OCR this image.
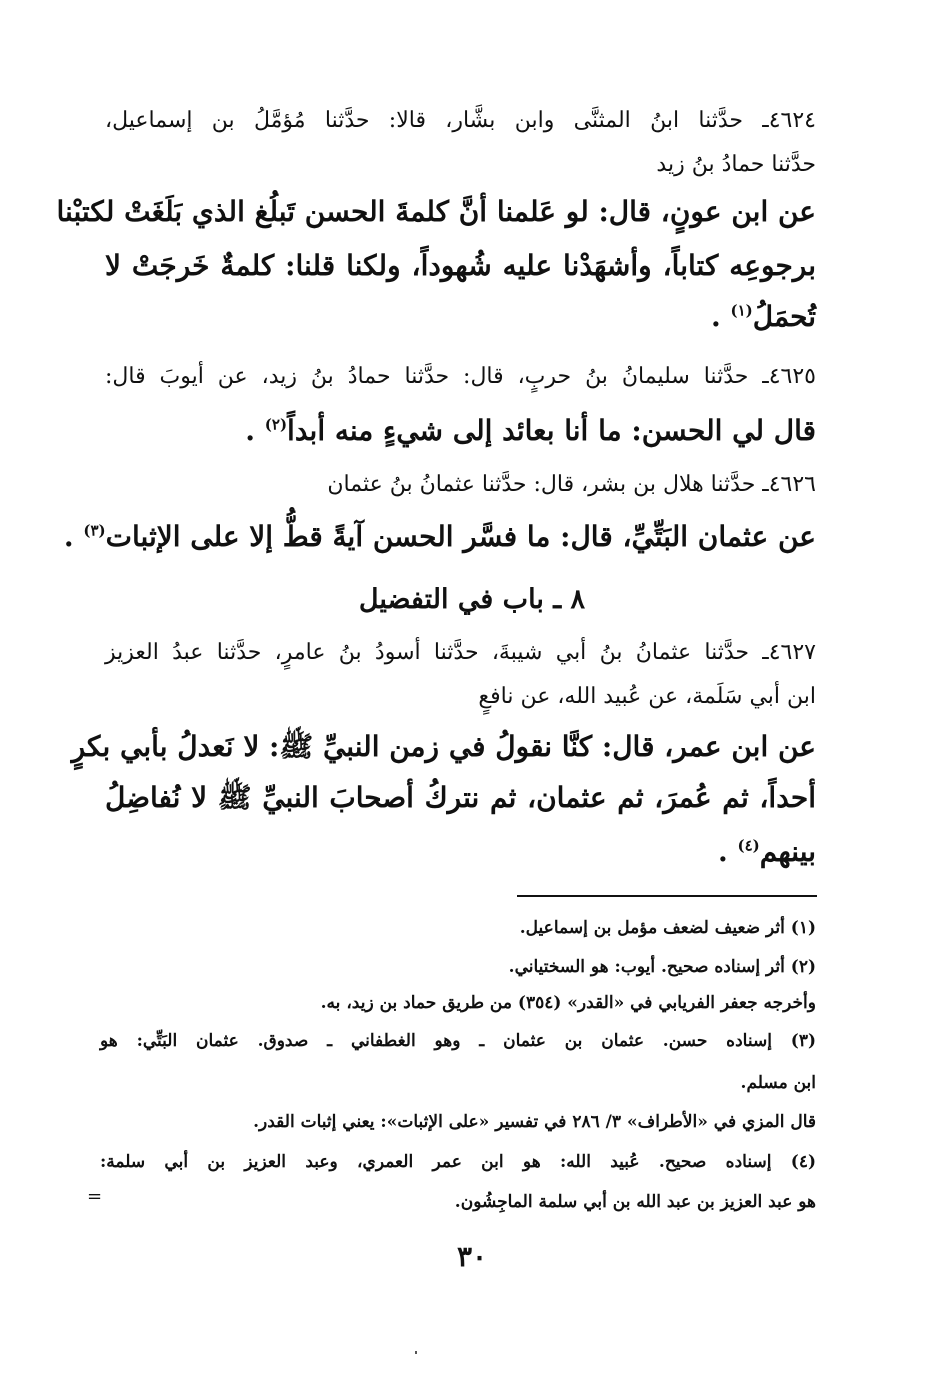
٤٦٢٤ـ حدَّثنا ابنُ المثنَّى وابن بشَّار، قالا: حدَّثنا مُؤمَّلُ بن إسماعيل،
حدَّثنا حمادُ بنُ زيد
عن ابن عونٍ، قال: لو عَلمنا أنَّ كلمةَ الحسن تَبلُغ الذي بَلَغَتْ لكتبْنا
برجوعِه كتاباً، وأشهَدْنا عليه شُهوداً، ولكنا قلنا: كلمةٌ خَرجَتْ لا
تُحمَلُ$^{(١)}$ .
٤٦٢٥ـ حدَّثنا سليمانُ بنُ حربٍ، قال: حدَّثنا حمادُ بنُ زيد، عن أيوبَ قال:
قال لي الحسن: ما أنا بعائد إلى شيءٍ منه أبداً$^{(٢)}$ .
٤٦٢٦ـ حدَّثنا هلال بن بشر، قال: حدَّثنا عثمانُ بنُ عثمان
عن عثمان البَتِّيِّ، قال: ما فسَّر الحسن آيةً قطُّ إلا على الإثبات$^{(٣)}$ .
٨ ـ باب في التفضيل
٤٦٢٧ـ حدَّثنا عثمانُ بنُ أبي شيبةَ، حدَّثنا أسودُ بنُ عامرٍ، حدَّثنا عبدُ العزيز
ابن أبي سَلَمة، عن عُبيد الله، عن نافعٍ
عن ابن عمر، قال: كنَّا نقولُ في زمن النبيِّ ﷺ: لا نَعدلُ بأبي بكرٍ
أحداً، ثم عُمرَ، ثم عثمان، ثم نتركُ أصحابَ النبيِّ ﷺ لا نُفاضِلُ
بينهم$^{(٤)}$ .
(١) أثر ضعيف لضعف مؤمل بن إسماعيل.
(٢) أثر إسناده صحيح. أيوب: هو السختياني.
وأخرجه جعفر الفريابي في «القدر» (٣٥٤) من طريق حماد بن زيد، به.
(٣) إسناده حسن. عثمان بن عثمان ـ وهو الغطفاني ـ صدوق. عثمان البَتِّي: هو
ابن مسلم.
قال المزي في «الأطراف» ٣/ ٢٨٦ في تفسير «على الإثبات»: يعني إثبات القدر.
(٤) إسناده صحيح. عُبيد الله: هو ابن عمر العمري، وعبد العزيز بن أبي سلمة:
هو عبد العزيز بن عبد الله بن أبي سلمة الماجِشُون.
=
٣٠
